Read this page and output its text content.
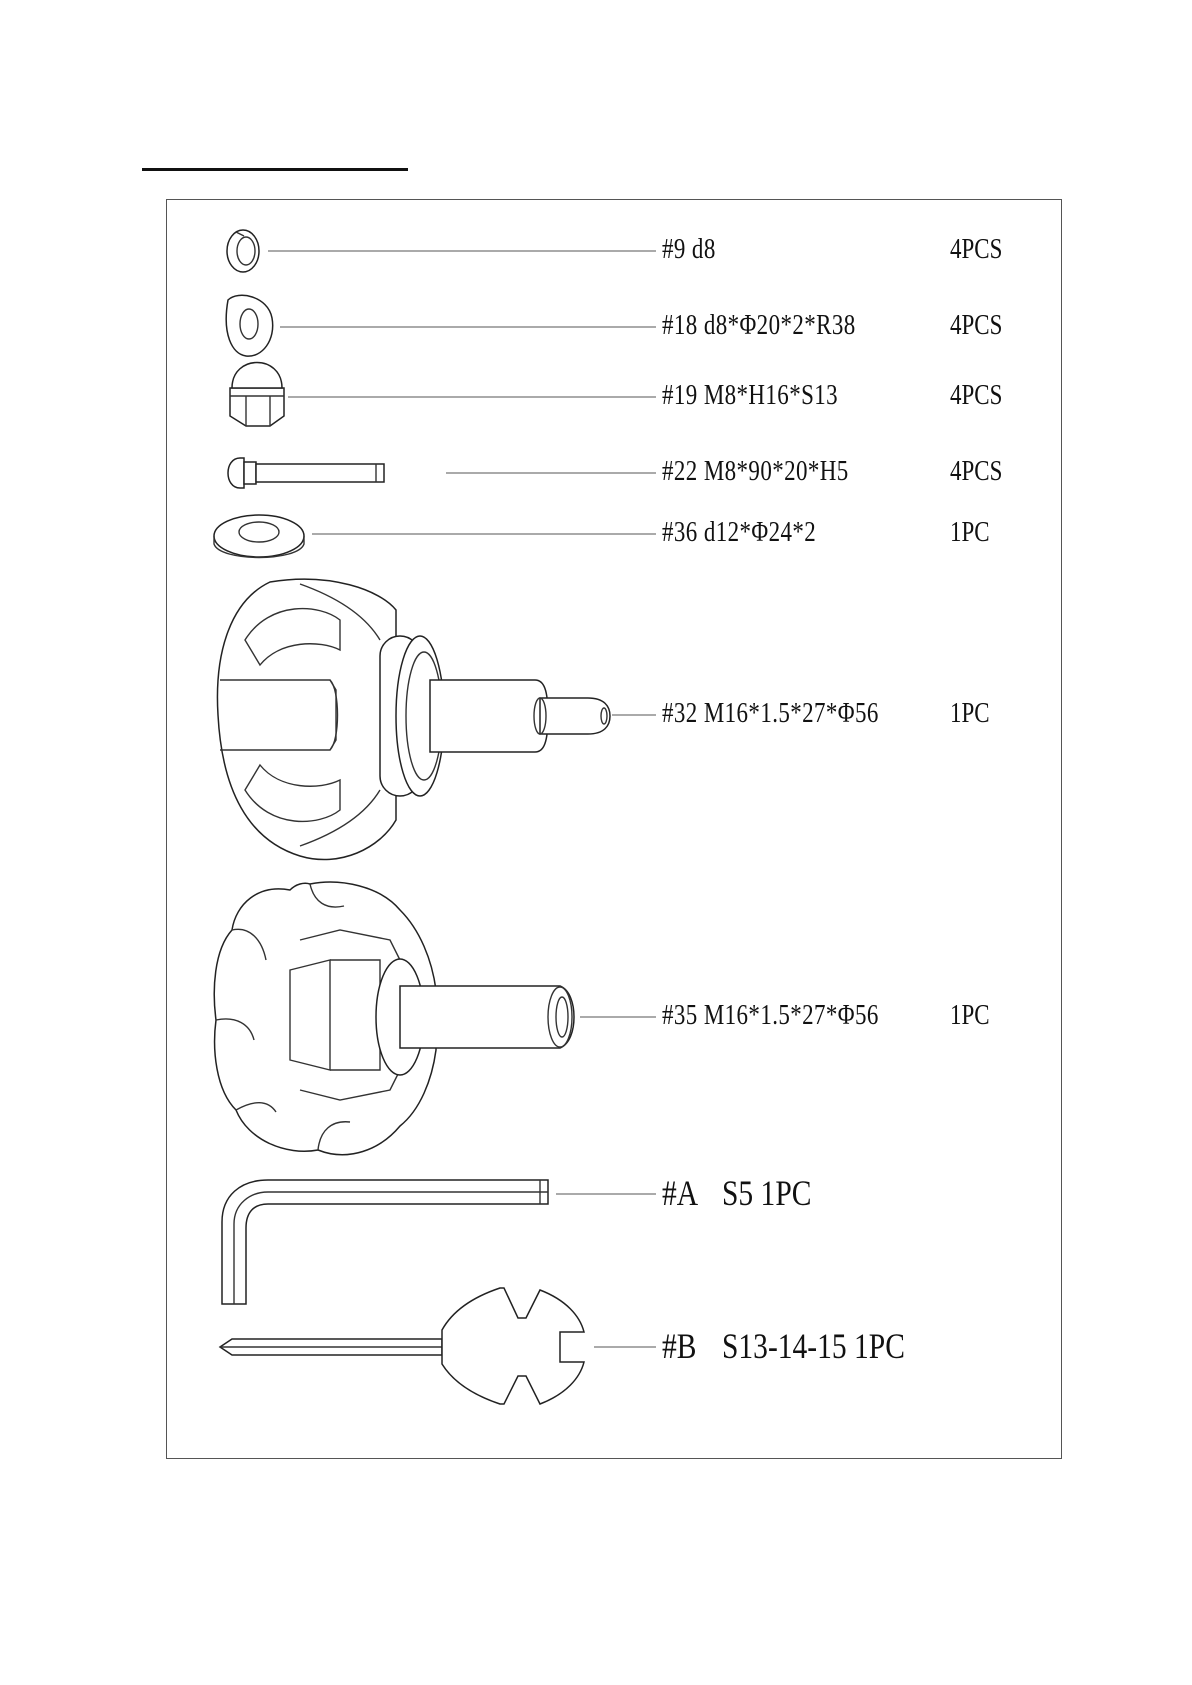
#9 d8	4PCS
#18 d8*Φ20*2*R38	4PCS
#19 M8*H16*S13	4PCS
#22 M8*90*20*H5	4PCS
#36 d12*Φ24*2	1PC
#32 M16*1.5*27*Φ56	1PC
#35 M16*1.5*27*Φ56	1PC
#A S5 1PC
#B S13-14-15 1PC
